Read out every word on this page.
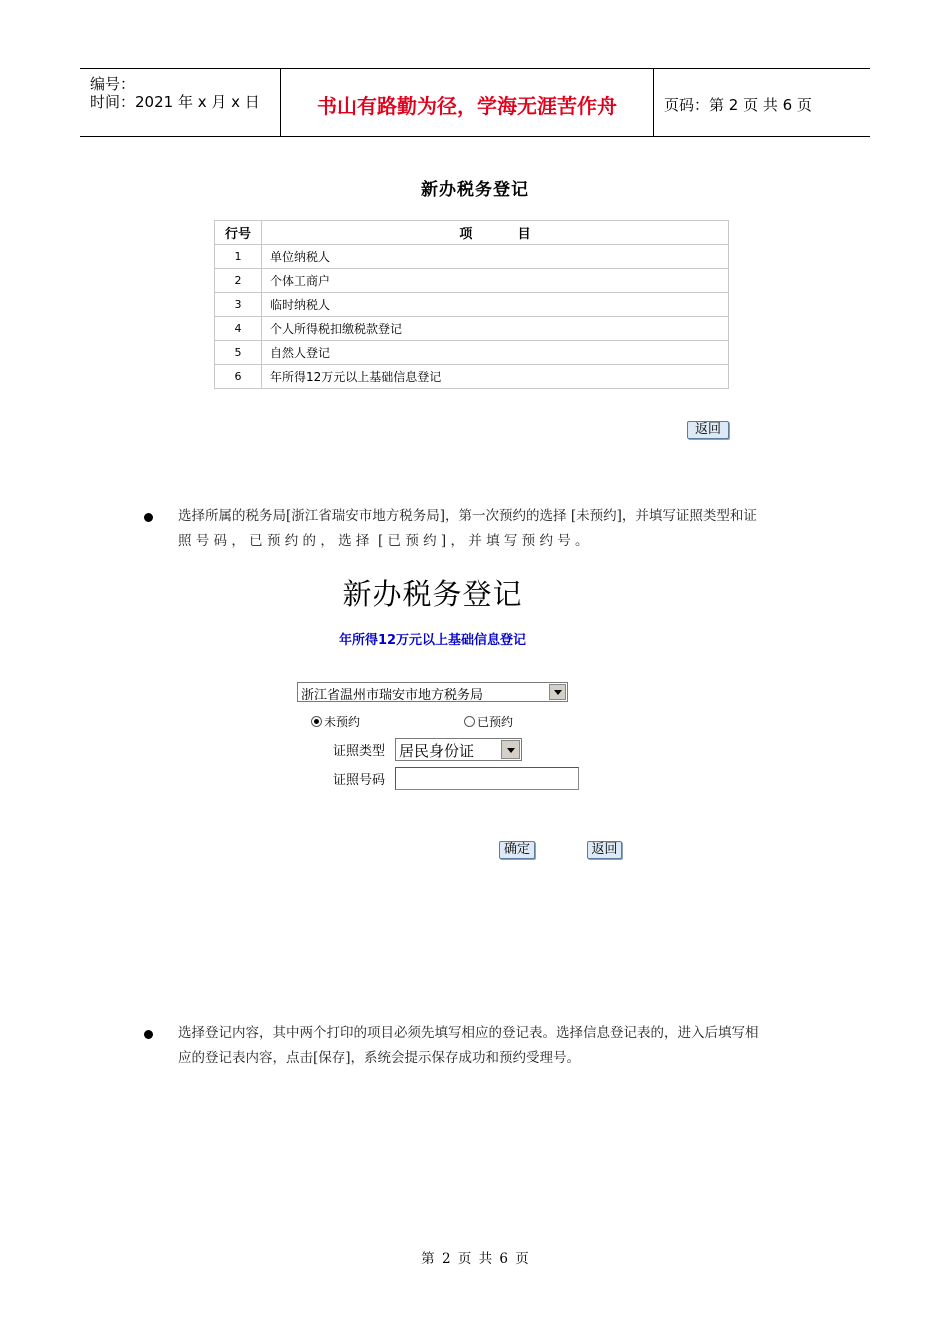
编号：
时间：2021 年 x 月 x 日	书山有路勤为径，学海无涯苦作舟	页码：第 2 页 共 6 页
新办税务登记
行号	项          目
1	单位纳税人
2	个体工商户
3	临时纳税人
4	个人所得税扣缴税款登记
5	自然人登记
6	年所得12万元以上基础信息登记
返回
选择所属的税务局[浙江省瑞安市地方税务局]，第一次预约的选择 [未预约]，并填写证照类型和证
照 号 码 ， 已 预 约 的 ， 选 择  [ 已 预 约 ] ， 并 填 写 预 约 号 。
新办税务登记
年所得12万元以上基础信息登记
浙江省温州市瑞安市地方税务局
未预约	已预约
证照类型 居民身份证
证照号码
确定	返回
选择登记内容，其中两个打印的项目必须先填写相应的登记表。选择信息登记表的，进入后填写相
应的登记表内容，点击[保存]，系统会提示保存成功和预约受理号。
第 2 页 共 6 页
